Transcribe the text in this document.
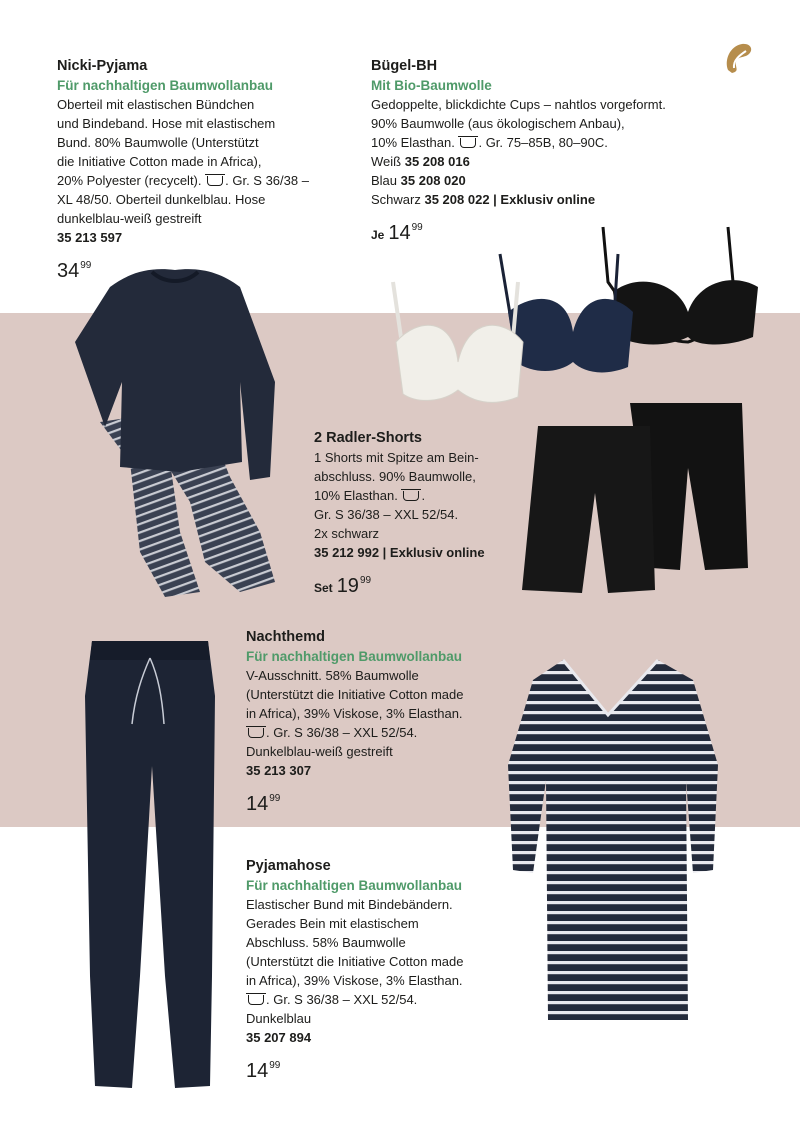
Nicki-Pyjama
Für nachhaltigen Baumwollanbau
Oberteil mit elastischen Bündchen
und Bindeband. Hose mit elastischem
Bund. 80% Baumwolle (Unterstützt
die Initiative Cotton made in Africa),
20% Polyester (recycelt). . Gr. S 36/38 –
XL 48/50. Oberteil dunkelblau. Hose
dunkelblau-weiß gestreift
35 213 597
$34^{99}$
Bügel-BH
Mit Bio-Baumwolle
Gedoppelte, blickdichte Cups – nahtlos vorgeformt.
90% Baumwolle (aus ökologischem Anbau),
10% Elasthan. . Gr. 75–85B, 80–90C.
Weiß 35 208 016
Blau 35 208 020
Schwarz 35 208 022 | Exklusiv online
Je $14^{99}$
2 Radler-Shorts
1 Shorts mit Spitze am Bein-
abschluss. 90% Baumwolle,
10% Elasthan. .
Gr. S 36/38 – XXL 52/54.
2x schwarz
35 212 992 | Exklusiv online
Set $19^{99}$
Nachthemd
Für nachhaltigen Baumwollanbau
V-Ausschnitt. 58% Baumwolle
(Unterstützt die Initiative Cotton made
in Africa), 39% Viskose, 3% Elasthan.
. Gr. S 36/38 – XXL 52/54.
Dunkelblau-weiß gestreift
35 213 307
$14^{99}$
Pyjamahose
Für nachhaltigen Baumwollanbau
Elastischer Bund mit Bindebändern.
Gerades Bein mit elastischem
Abschluss. 58% Baumwolle
(Unterstützt die Initiative Cotton made
in Africa), 39% Viskose, 3% Elasthan.
. Gr. S 36/38 – XXL 52/54.
Dunkelblau
35 207 894
$14^{99}$
